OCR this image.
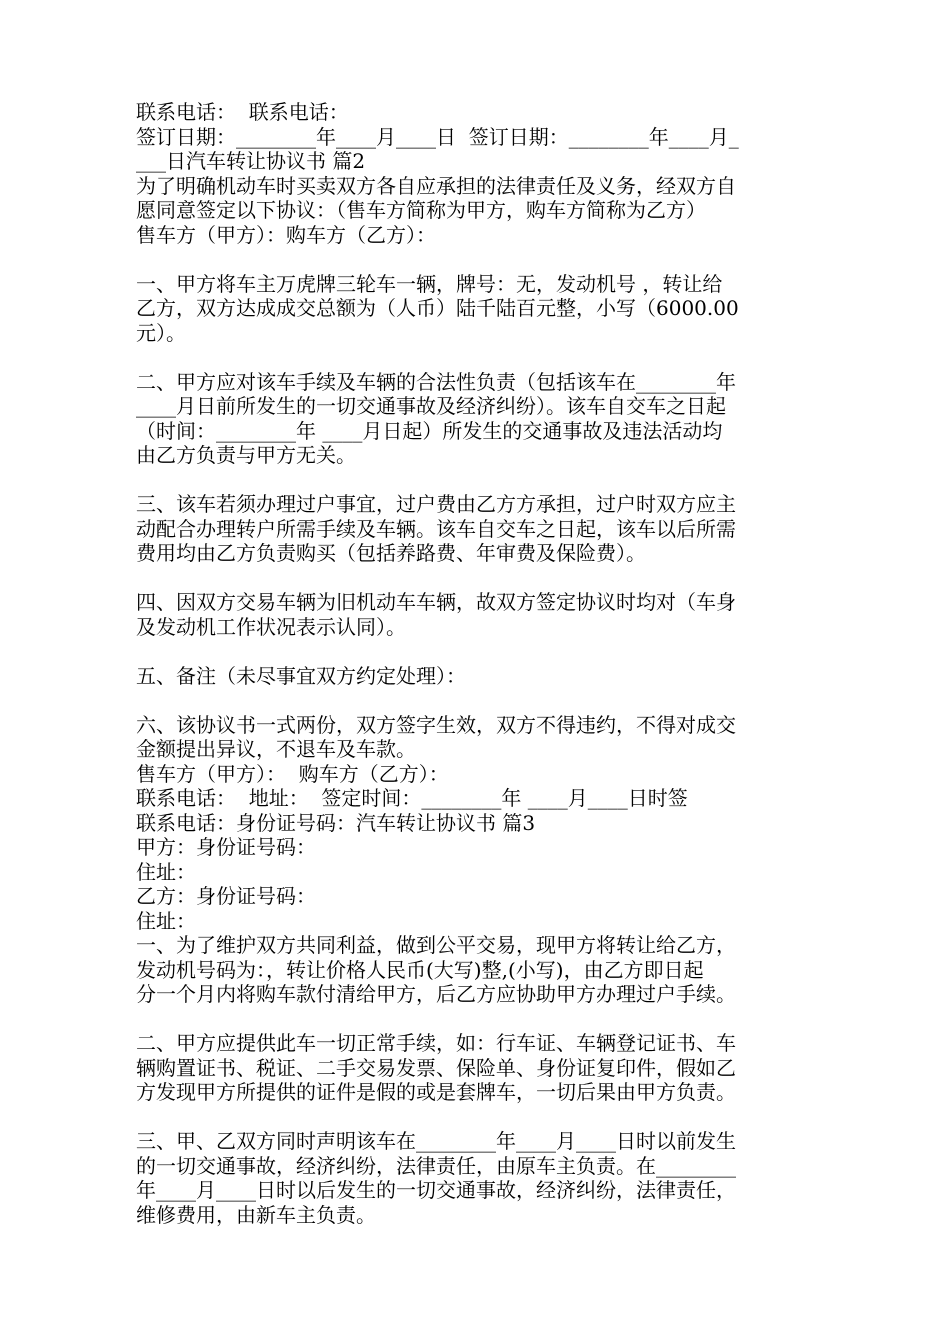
联系电话：  联系电话：
签订日期：________年____月____日  签订日期：________年____月_
___日汽车转让协议书 篇2
为了明确机动车时买卖双方各自应承担的法律责任及义务，经双方自
愿同意签定以下协议：（售车方简称为甲方，购车方简称为乙方）
售车方（甲方）：购车方（乙方）：
一、甲方将车主万虎牌三轮车一辆，牌号：无，发动机号 ，转让给
乙方，双方达成成交总额为（人币）陆千陆百元整，小写（6000.00
元）。
二、甲方应对该车手续及车辆的合法性负责（包括该车在________年
____月日前所发生的一切交通事故及经济纠纷）。该车自交车之日起
（时间：________年 ____月日起）所发生的交通事故及违法活动均
由乙方负责与甲方无关。
三、该车若须办理过户事宜，过户费由乙方方承担，过户时双方应主
动配合办理转户所需手续及车辆。该车自交车之日起，该车以后所需
费用均由乙方负责购买（包括养路费、年审费及保险费）。
四、因双方交易车辆为旧机动车车辆，故双方签定协议时均对（车身
及发动机工作状况表示认同）。
五、备注（未尽事宜双方约定处理）：
六、该协议书一式两份，双方签字生效，双方不得违约，不得对成交
金额提出异议，不退车及车款。
售车方（甲方）：  购车方（乙方）：
联系电话：  地址：  签定时间：________年 ____月____日时签
联系电话：身份证号码：汽车转让协议书 篇3
甲方：身份证号码：
住址：
乙方：身份证号码：
住址：
一、为了维护双方共同利益，做到公平交易，现甲方将转让给乙方，
发动机号码为：，转让价格人民币(大写)整,(小写)，由乙方即日起
分一个月内将购车款付清给甲方，后乙方应协助甲方办理过户手续。
二、甲方应提供此车一切正常手续，如：行车证、车辆登记证书、车
辆购置证书、税证、二手交易发票、保险单、身份证复印件，假如乙
方发现甲方所提供的证件是假的或是套牌车，一切后果由甲方负责。
三、甲、乙双方同时声明该车在________年____月____日时以前发生
的一切交通事故，经济纠纷，法律责任，由原车主负责。在________
年____月____日时以后发生的一切交通事故，经济纠纷，法律责任，
维修费用，由新车主负责。
